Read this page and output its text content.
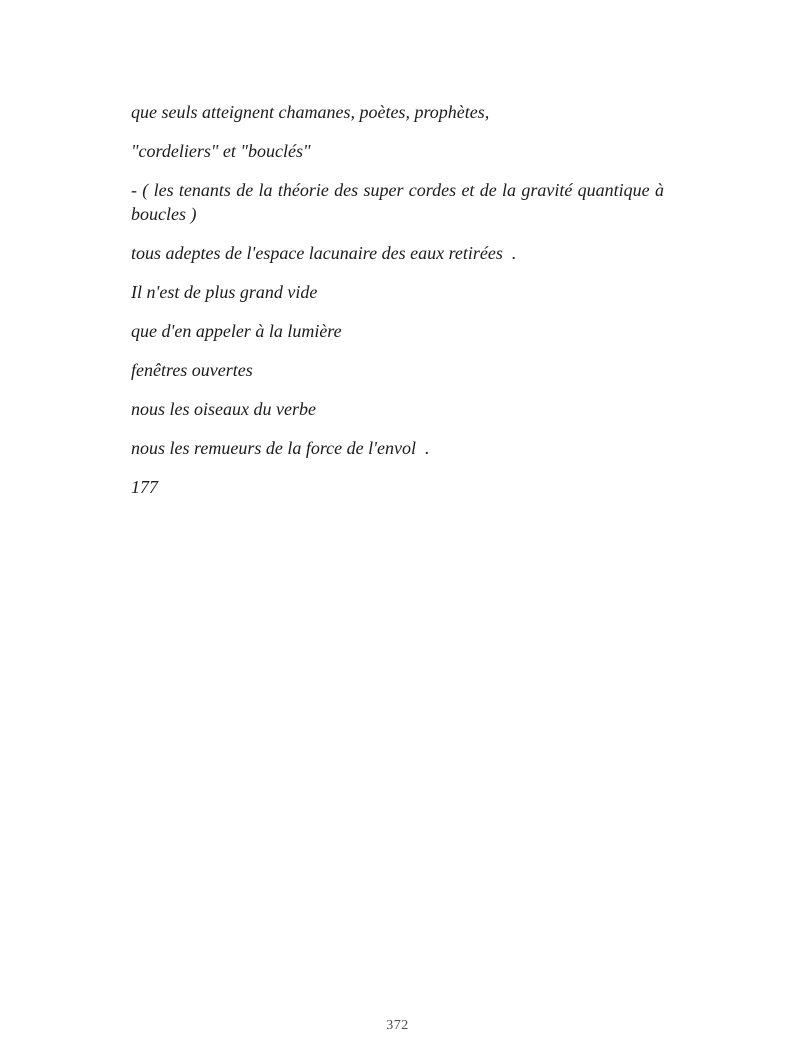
que seuls atteignent chamanes, poètes, prophètes,

"cordeliers" et "bouclés"

- ( les tenants de la théorie des super cordes et de la gravité quantique à boucles )

tous adeptes de l'espace lacunaire des eaux retirées  .

Il n'est de plus grand vide

que d'en appeler à la lumière

fenêtres ouvertes

nous les oiseaux du verbe

nous les remueurs de la force de l'envol  .

177

372
